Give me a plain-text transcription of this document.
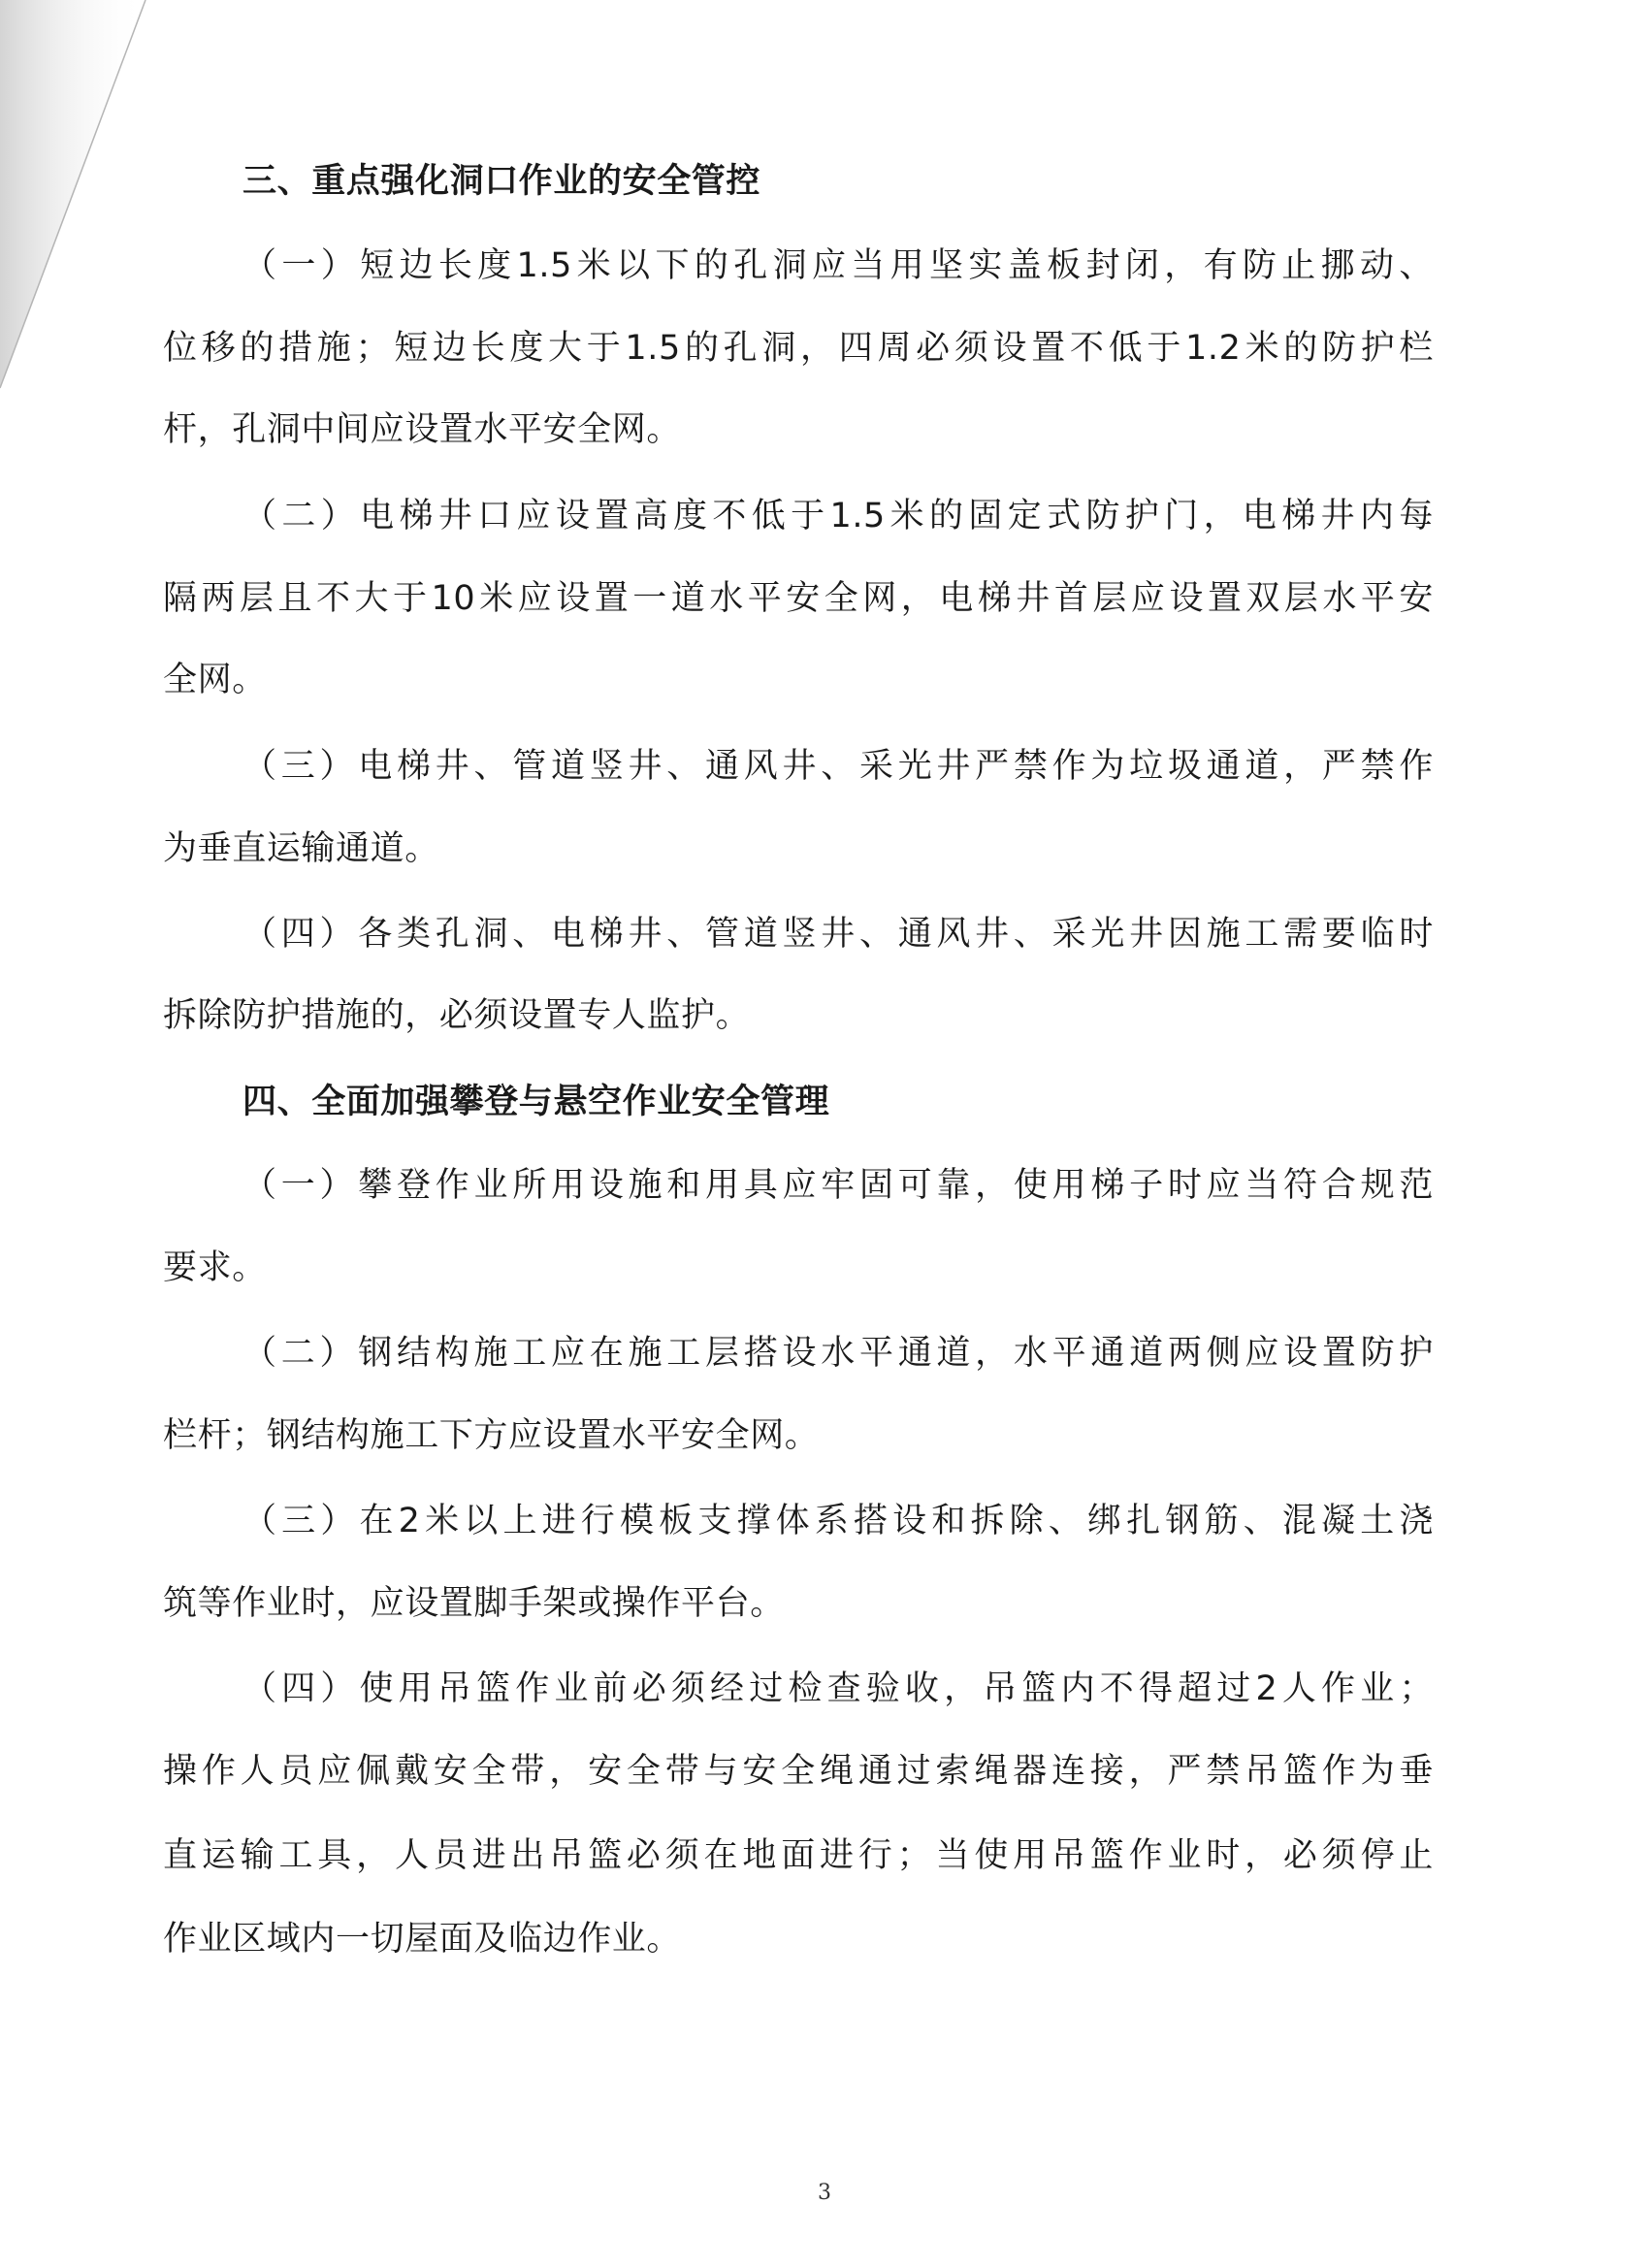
三、重点强化洞口作业的安全管控
（一）短边长度1.5米以下的孔洞应当用坚实盖板封闭，有防止挪动、
位移的措施；短边长度大于1.5的孔洞，四周必须设置不低于1.2米的防护栏
杆，孔洞中间应设置水平安全网。
（二）电梯井口应设置高度不低于1.5米的固定式防护门，电梯井内每
隔两层且不大于10米应设置一道水平安全网，电梯井首层应设置双层水平安
全网。
（三）电梯井、管道竖井、通风井、采光井严禁作为垃圾通道，严禁作
为垂直运输通道。
（四）各类孔洞、电梯井、管道竖井、通风井、采光井因施工需要临时
拆除防护措施的，必须设置专人监护。
四、全面加强攀登与悬空作业安全管理
（一）攀登作业所用设施和用具应牢固可靠，使用梯子时应当符合规范
要求。
（二）钢结构施工应在施工层搭设水平通道，水平通道两侧应设置防护
栏杆；钢结构施工下方应设置水平安全网。
（三）在2米以上进行模板支撑体系搭设和拆除、绑扎钢筋、混凝土浇
筑等作业时，应设置脚手架或操作平台。
（四）使用吊篮作业前必须经过检查验收，吊篮内不得超过2人作业；
操作人员应佩戴安全带，安全带与安全绳通过索绳器连接，严禁吊篮作为垂
直运输工具，人员进出吊篮必须在地面进行；当使用吊篮作业时，必须停止
作业区域内一切屋面及临边作业。
3
